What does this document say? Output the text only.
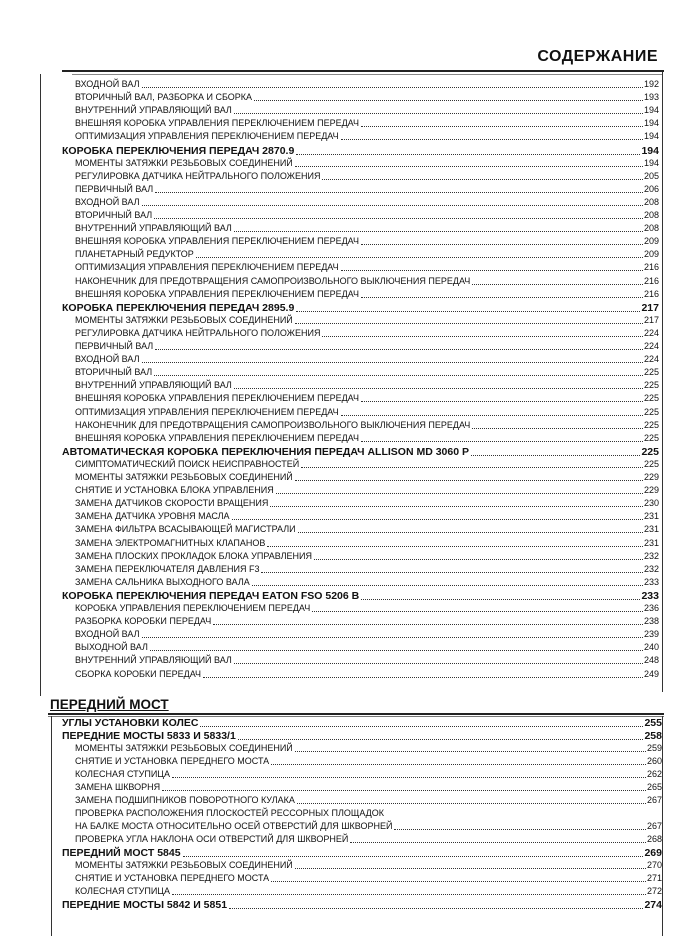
СОДЕРЖАНИЕ
ВХОДНОЙ ВАЛ	192
ВТОРИЧНЫЙ ВАЛ, РАЗБОРКА И СБОРКА	193
ВНУТРЕННИЙ УПРАВЛЯЮЩИЙ ВАЛ	194
ВНЕШНЯЯ КОРОБКА УПРАВЛЕНИЯ ПЕРЕКЛЮЧЕНИЕМ ПЕРЕДАЧ	194
ОПТИМИЗАЦИЯ УПРАВЛЕНИЯ ПЕРЕКЛЮЧЕНИЕМ ПЕРЕДАЧ	194
КОРОБКА ПЕРЕКЛЮЧЕНИЯ ПЕРЕДАЧ 2870.9	194
МОМЕНТЫ ЗАТЯЖКИ РЕЗЬБОВЫХ СОЕДИНЕНИЙ	194
РЕГУЛИРОВКА ДАТЧИКА НЕЙТРАЛЬНОГО ПОЛОЖЕНИЯ	205
ПЕРВИЧНЫЙ ВАЛ	206
ВХОДНОЙ ВАЛ	208
ВТОРИЧНЫЙ ВАЛ	208
ВНУТРЕННИЙ УПРАВЛЯЮЩИЙ ВАЛ	208
ВНЕШНЯЯ КОРОБКА УПРАВЛЕНИЯ ПЕРЕКЛЮЧЕНИЕМ ПЕРЕДАЧ	209
ПЛАНЕТАРНЫЙ РЕДУКТОР	209
ОПТИМИЗАЦИЯ УПРАВЛЕНИЯ ПЕРЕКЛЮЧЕНИЕМ ПЕРЕДАЧ	216
НАКОНЕЧНИК ДЛЯ ПРЕДОТВРАЩЕНИЯ САМОПРОИЗВОЛЬНОГО ВЫКЛЮЧЕНИЯ ПЕРЕДАЧ	216
ВНЕШНЯЯ КОРОБКА УПРАВЛЕНИЯ ПЕРЕКЛЮЧЕНИЕМ ПЕРЕДАЧ	216
КОРОБКА ПЕРЕКЛЮЧЕНИЯ ПЕРЕДАЧ 2895.9	217
МОМЕНТЫ ЗАТЯЖКИ РЕЗЬБОВЫХ СОЕДИНЕНИЙ	217
РЕГУЛИРОВКА ДАТЧИКА НЕЙТРАЛЬНОГО ПОЛОЖЕНИЯ	224
ПЕРВИЧНЫЙ ВАЛ	224
ВХОДНОЙ ВАЛ	224
ВТОРИЧНЫЙ ВАЛ	225
ВНУТРЕННИЙ УПРАВЛЯЮЩИЙ ВАЛ	225
ВНЕШНЯЯ КОРОБКА УПРАВЛЕНИЯ ПЕРЕКЛЮЧЕНИЕМ ПЕРЕДАЧ	225
ОПТИМИЗАЦИЯ УПРАВЛЕНИЯ ПЕРЕКЛЮЧЕНИЕМ ПЕРЕДАЧ	225
НАКОНЕЧНИК ДЛЯ ПРЕДОТВРАЩЕНИЯ САМОПРОИЗВОЛЬНОГО ВЫКЛЮЧЕНИЯ ПЕРЕДАЧ	225
ВНЕШНЯЯ КОРОБКА УПРАВЛЕНИЯ ПЕРЕКЛЮЧЕНИЕМ ПЕРЕДАЧ	225
АВТОМАТИЧЕСКАЯ КОРОБКА ПЕРЕКЛЮЧЕНИЯ ПЕРЕДАЧ ALLISON MD 3060 P	225
СИМПТОМАТИЧЕСКИЙ ПОИСК НЕИСПРАВНОСТЕЙ	225
МОМЕНТЫ ЗАТЯЖКИ РЕЗЬБОВЫХ СОЕДИНЕНИЙ	229
СНЯТИЕ И УСТАНОВКА БЛОКА УПРАВЛЕНИЯ	229
ЗАМЕНА ДАТЧИКОВ СКОРОСТИ ВРАЩЕНИЯ	230
ЗАМЕНА ДАТЧИКА УРОВНЯ МАСЛА	231
ЗАМЕНА ФИЛЬТРА ВСАСЫВАЮЩЕЙ МАГИСТРАЛИ	231
ЗАМЕНА ЭЛЕКТРОМАГНИТНЫХ КЛАПАНОВ	231
ЗАМЕНА ПЛОСКИХ ПРОКЛАДОК БЛОКА УПРАВЛЕНИЯ	232
ЗАМЕНА ПЕРЕКЛЮЧАТЕЛЯ ДАВЛЕНИЯ F3	232
ЗАМЕНА САЛЬНИКА ВЫХОДНОГО ВАЛА	233
КОРОБКА ПЕРЕКЛЮЧЕНИЯ ПЕРЕДАЧ EATON FSO 5206 B	233
КОРОБКА УПРАВЛЕНИЯ ПЕРЕКЛЮЧЕНИЕМ ПЕРЕДАЧ	236
РАЗБОРКА КОРОБКИ ПЕРЕДАЧ	238
ВХОДНОЙ ВАЛ	239
ВЫХОДНОЙ ВАЛ	240
ВНУТРЕННИЙ УПРАВЛЯЮЩИЙ ВАЛ	248
СБОРКА КОРОБКИ ПЕРЕДАЧ	249
ПЕРЕДНИЙ МОСТ
УГЛЫ УСТАНОВКИ КОЛЕС	255
ПЕРЕДНИЕ МОСТЫ 5833 И 5833/1	258
МОМЕНТЫ ЗАТЯЖКИ РЕЗЬБОВЫХ СОЕДИНЕНИЙ	259
СНЯТИЕ И УСТАНОВКА ПЕРЕДНЕГО МОСТА	260
КОЛЕСНАЯ СТУПИЦА	262
ЗАМЕНА ШКВОРНЯ	265
ЗАМЕНА ПОДШИПНИКОВ ПОВОРОТНОГО КУЛАКА	267
ПРОВЕРКА РАСПОЛОЖЕНИЯ ПЛОСКОСТЕЙ РЕССОРНЫХ ПЛОЩАДОК
НА БАЛКЕ МОСТА ОТНОСИТЕЛЬНО ОСЕЙ ОТВЕРСТИЙ ДЛЯ ШКВОРНЕЙ	267
ПРОВЕРКА УГЛА НАКЛОНА ОСИ ОТВЕРСТИЙ ДЛЯ ШКВОРНЕЙ	268
ПЕРЕДНИЙ МОСТ 5845	269
МОМЕНТЫ ЗАТЯЖКИ РЕЗЬБОВЫХ СОЕДИНЕНИЙ	270
СНЯТИЕ И УСТАНОВКА ПЕРЕДНЕГО МОСТА	271
КОЛЕСНАЯ СТУПИЦА	272
ПЕРЕДНИЕ МОСТЫ 5842 И 5851	274
